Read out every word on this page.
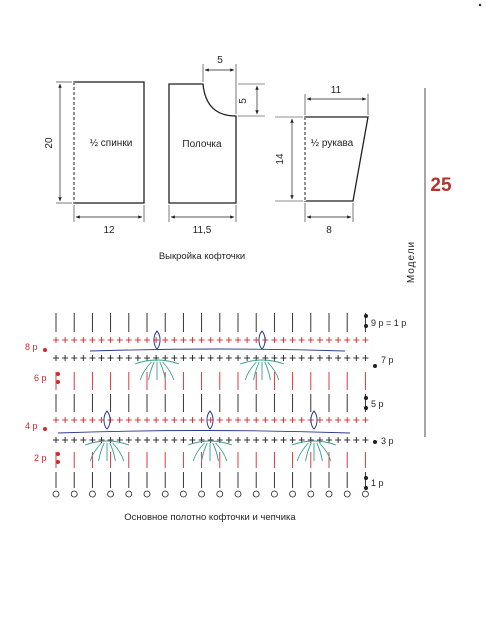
½ спинки
20
12
Полочка
5
5
11,5
½ рукава
11
14
8
Выкройка кофточки
25
Модели
9 р = 1 р
7 р
5 р
3 р
1 р
8 р
6 р
4 р
2 р
Основное полотно кофточки и чепчика
